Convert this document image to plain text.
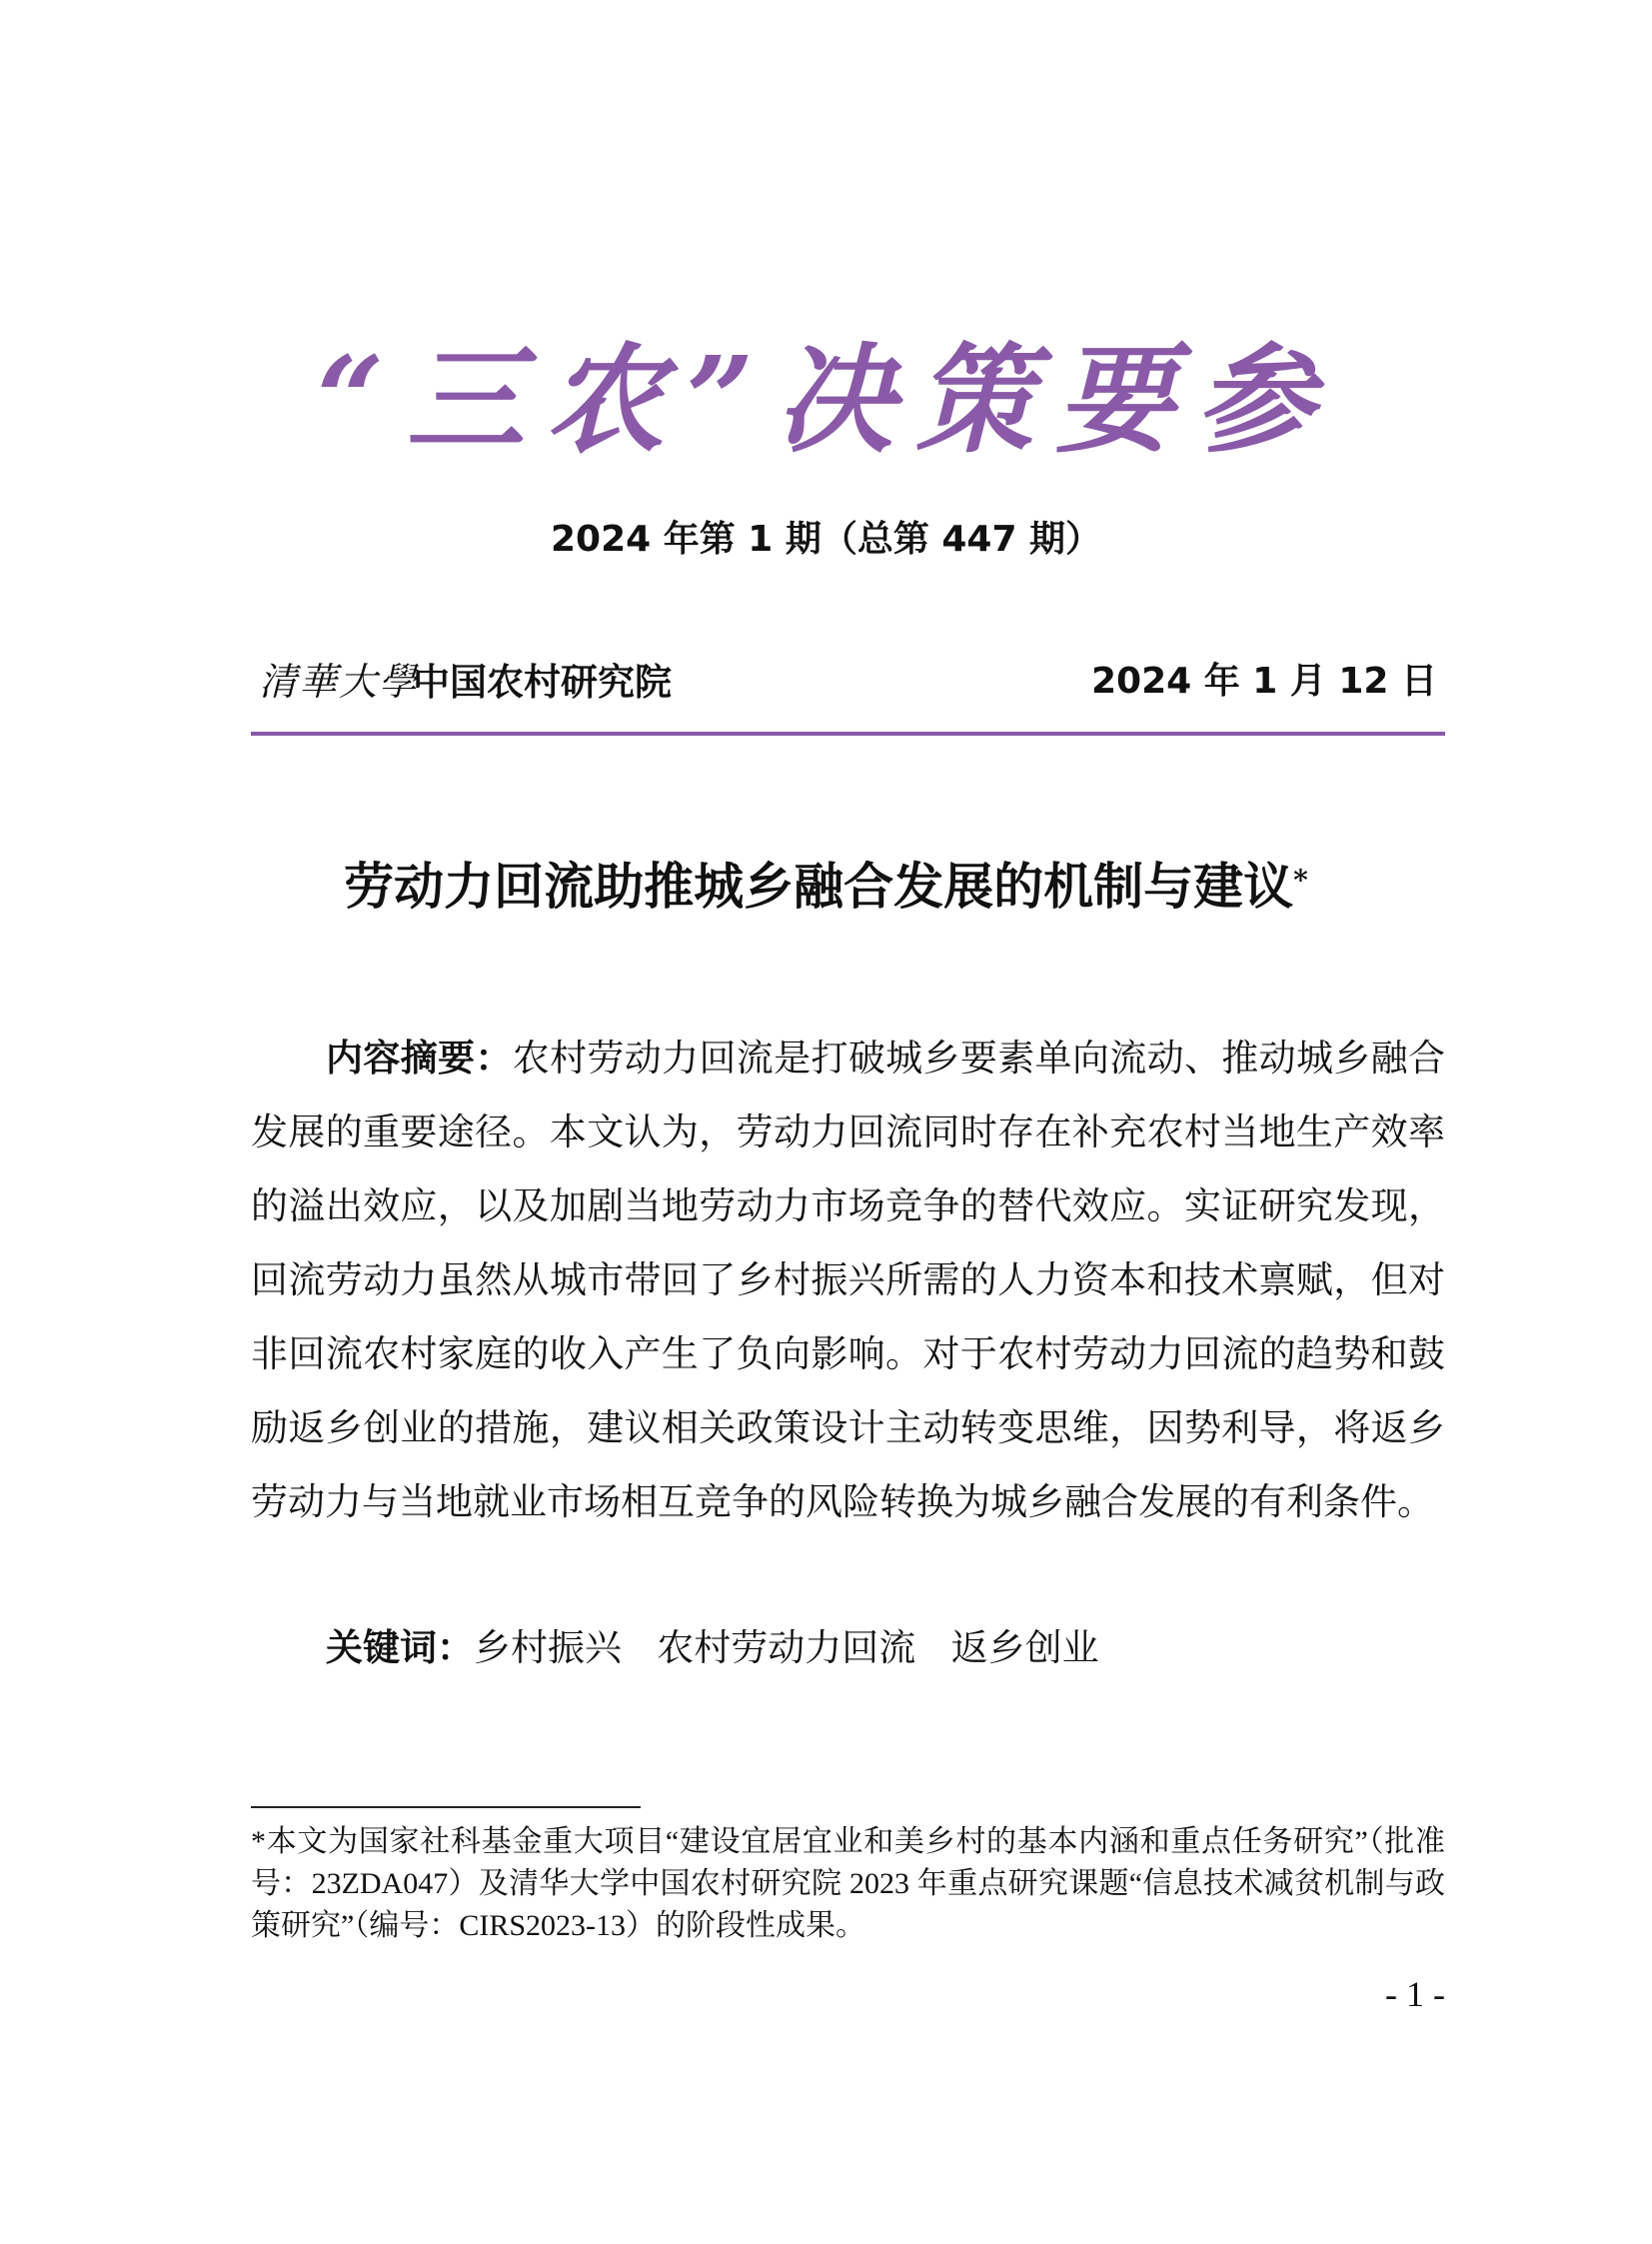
“三农”决策要参
2024 年第 1 期（总第 447 期）
清華大學
中国农村研究院	2024 年 1 月 12 日
劳动力回流助推城乡融合发展的机制与建议*

内容摘要：农村劳动力回流是打破城乡要素单向流动、推动城乡融合发展的重要途径。本文认为，劳动力回流同时存在补充农村当地生产效率的溢出效应，以及加剧当地劳动力市场竞争的替代效应。实证研究发现，回流劳动力虽然从城市带回了乡村振兴所需的人力资本和技术禀赋，但对非回流农村家庭的收入产生了负向影响。对于农村劳动力回流的趋势和鼓励返乡创业的措施，建议相关政策设计主动转变思维，因势利导，将返乡劳动力与当地就业市场相互竞争的风险转换为城乡融合发展的有利条件。

关键词：乡村振兴 农村劳动力回流 返乡创业

*本文为国家社科基金重大项目“建设宜居宜业和美乡村的基本内涵和重点任务研究”（批准号：23ZDA047）及清华大学中国农村研究院 2023 年重点研究课题“信息技术减贫机制与政策研究”（编号：CIRS2023-13）的阶段性成果。

- 1 -
